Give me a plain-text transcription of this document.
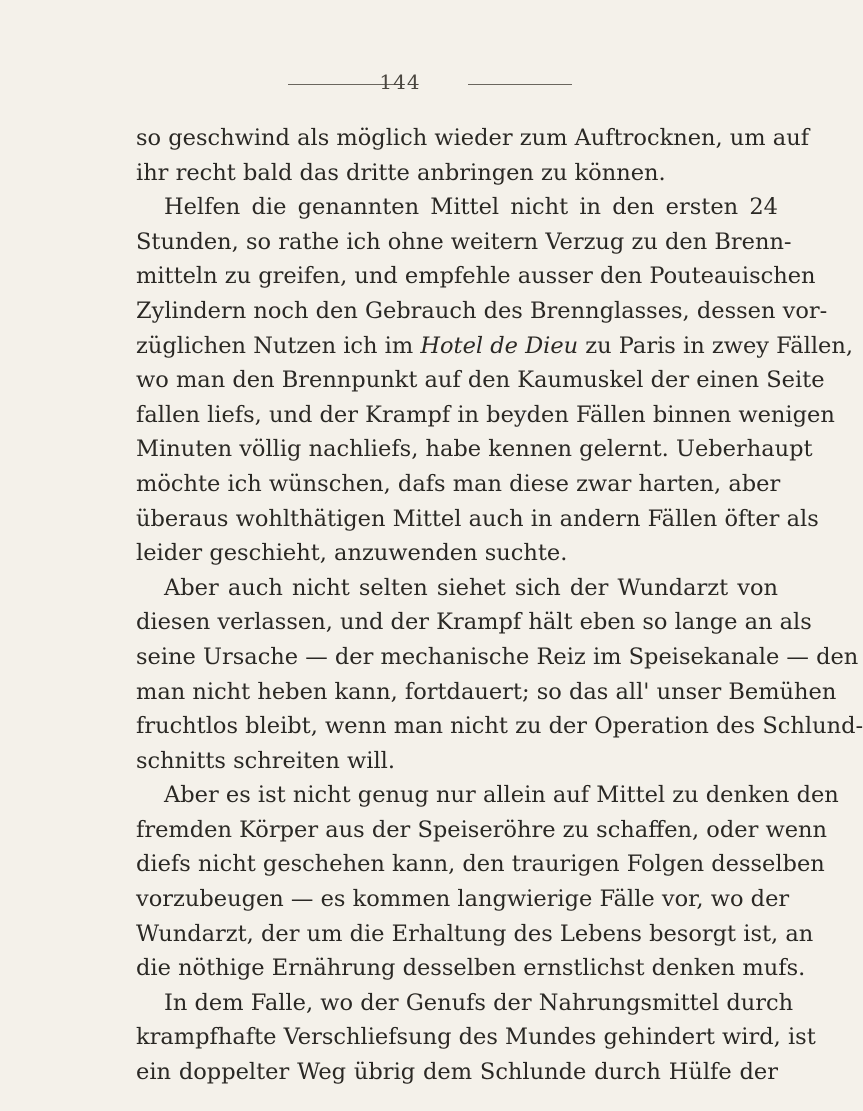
144
so geschwind als möglich wieder zum Auftrocknen, um auf
ihr recht bald das dritte anbringen zu können.
Helfen die genannten Mittel nicht in den ersten 24
Stunden, so rathe ich ohne weitern Verzug zu den Brenn-
mitteln zu greifen, und empfehle ausser den Pouteauischen
Zylindern noch den Gebrauch des Brennglasses, dessen vor-
züglichen Nutzen ich im Hotel de Dieu zu Paris in zwey Fällen,
wo man den Brennpunkt auf den Kaumuskel der einen Seite
fallen liefs, und der Krampf in beyden Fällen binnen wenigen
Minuten völlig nachliefs, habe kennen gelernt. Ueberhaupt
möchte ich wünschen, dafs man diese zwar harten, aber
überaus wohlthätigen Mittel auch in andern Fällen öfter als
leider geschieht, anzuwenden suchte.
Aber auch nicht selten siehet sich der Wundarzt von
diesen verlassen, und der Krampf hält eben so lange an als
seine Ursache — der mechanische Reiz im Speisekanale — den
man nicht heben kann, fortdauert; so das all' unser Bemühen
fruchtlos bleibt, wenn man nicht zu der Operation des Schlund-
schnitts schreiten will.
Aber es ist nicht genug nur allein auf Mittel zu denken den
fremden Körper aus der Speiseröhre zu schaffen, oder wenn
diefs nicht geschehen kann, den traurigen Folgen desselben
vorzubeugen — es kommen langwierige Fälle vor, wo der
Wundarzt, der um die Erhaltung des Lebens besorgt ist, an
die nöthige Ernährung desselben ernstlichst denken mufs.
In dem Falle, wo der Genufs der Nahrungsmittel durch
krampfhafte Verschliefsung des Mundes gehindert wird, ist
ein doppelter Weg übrig dem Schlunde durch Hülfe der
